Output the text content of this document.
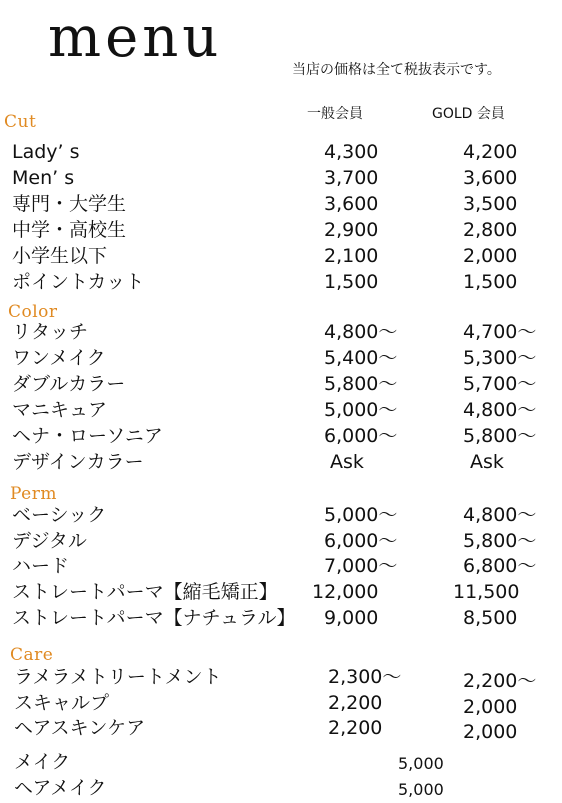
menu	当店の価格は全て税抜表示です。
一般会員	GOLD 会員
Cut
Lady’ s	4,300	4,200
Men’ s	3,700	3,600
専門・大学生	3,600	3,500
中学・高校生	2,900	2,800
小学生以下	2,100	2,000
ポイントカット	1,500	1,500
Color
リタッチ	4,800〜	4,700〜
ワンメイク	5,400〜	5,300〜
ダブルカラー	5,800〜	5,700〜
マニキュア	5,000〜	4,800〜
ヘナ・ローソニア	6,000〜	5,800〜
デザインカラー	Ask	Ask
Perm
ベーシック	5,000〜	4,800〜
デジタル	6,000〜	5,800〜
ハード	7,000〜	6,800〜
ストレートパーマ【縮毛矯正】 12,000	11,500
ストレートパーマ【ナチュラル】 9,000	8,500
Care
ラメラメトリートメント	2,300〜	2,200〜
スキャルプ	2,200	2,000
ヘアスキンケア	2,200	2,000
メイク	5,000
ヘアメイク	5,000
